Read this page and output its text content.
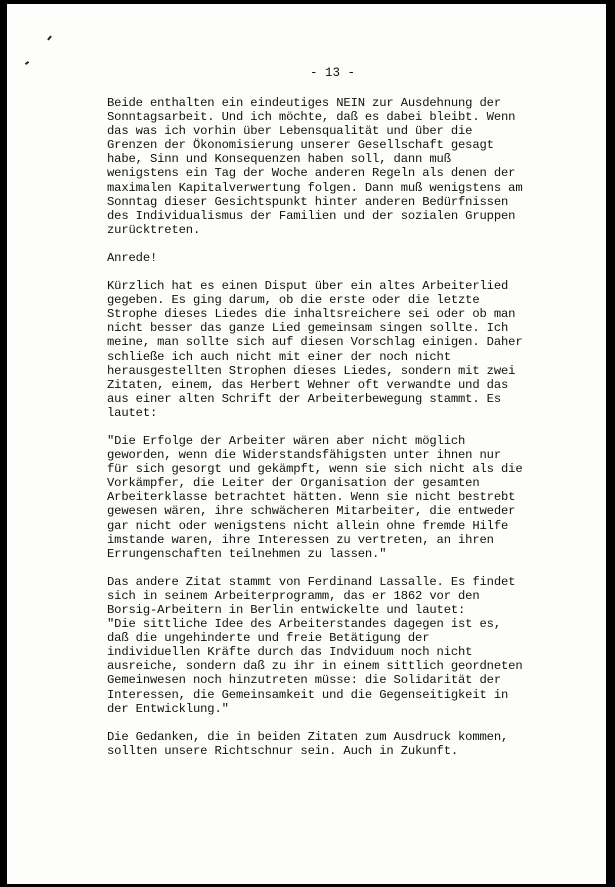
- 13 -
Beide enthalten ein eindeutiges NEIN zur Ausdehnung der
Sonntagsarbeit. Und ich möchte, daß es dabei bleibt. Wenn
das was ich vorhin über Lebensqualität und über die
Grenzen der Ökonomisierung unserer Gesellschaft gesagt
habe, Sinn und Konsequenzen haben soll, dann muß
wenigstens ein Tag der Woche anderen Regeln als denen der
maximalen Kapitalverwertung folgen. Dann muß wenigstens am
Sonntag dieser Gesichtspunkt hinter anderen Bedürfnissen
des Individualismus der Familien und der sozialen Gruppen
zurücktreten.
Anrede!
Kürzlich hat es einen Disput über ein altes Arbeiterlied
gegeben. Es ging darum, ob die erste oder die letzte
Strophe dieses Liedes die inhaltsreichere sei oder ob man
nicht besser das ganze Lied gemeinsam singen sollte. Ich
meine, man sollte sich auf diesen Vorschlag einigen. Daher
schließe ich auch nicht mit einer der noch nicht
herausgestellten Strophen dieses Liedes, sondern mit zwei
Zitaten, einem, das Herbert Wehner oft verwandte und das
aus einer alten Schrift der Arbeiterbewegung stammt. Es
lautet:
"Die Erfolge der Arbeiter wären aber nicht möglich
geworden, wenn die Widerstandsfähigsten unter ihnen nur
für sich gesorgt und gekämpft, wenn sie sich nicht als die
Vorkämpfer, die Leiter der Organisation der gesamten
Arbeiterklasse betrachtet hätten. Wenn sie nicht bestrebt
gewesen wären, ihre schwächeren Mitarbeiter, die entweder
gar nicht oder wenigstens nicht allein ohne fremde Hilfe
imstande waren, ihre Interessen zu vertreten, an ihren
Errungenschaften teilnehmen zu lassen."
Das andere Zitat stammt von Ferdinand Lassalle. Es findet
sich in seinem Arbeiterprogramm, das er 1862 vor den
Borsig-Arbeitern in Berlin entwickelte und lautet:
"Die sittliche Idee des Arbeiterstandes dagegen ist es,
daß die ungehinderte und freie Betätigung der
individuellen Kräfte durch das Indviduum noch nicht
ausreiche, sondern daß zu ihr in einem sittlich geordneten
Gemeinwesen noch hinzutreten müsse: die Solidarität der
Interessen, die Gemeinsamkeit und die Gegenseitigkeit in
der Entwicklung."
Die Gedanken, die in beiden Zitaten zum Ausdruck kommen,
sollten unsere Richtschnur sein. Auch in Zukunft.
